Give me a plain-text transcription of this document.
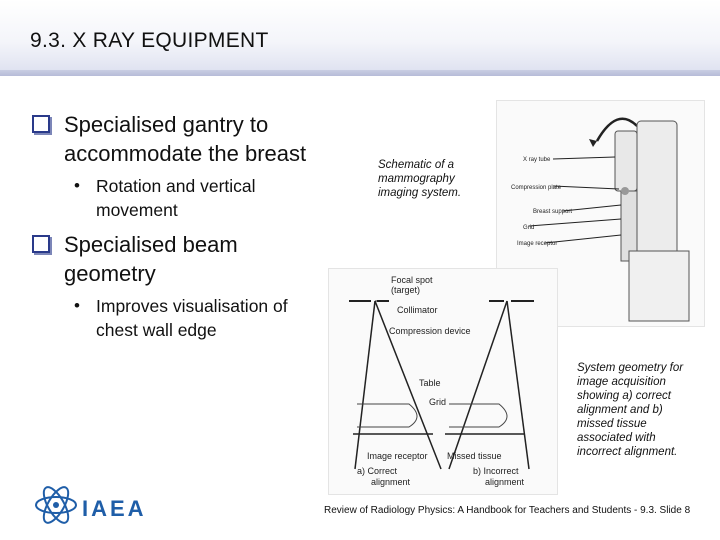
9.3. X RAY EQUIPMENT
Specialised gantry to accommodate the breast
• Rotation and vertical movement
Specialised beam geometry
• Improves visualisation of chest wall edge
Schematic of a mammography imaging system.
X ray tube
Compression plate
Breast support
Grid
Image receptor
Focal spot
(target)
Collimator
Compression device
Table
Grid
Image receptor Missed tissue
a) Correct
alignment
b) Incorrect
alignment
System geometry for image acquisition showing a) correct alignment and b) missed tissue associated with incorrect alignment.
IAEA	Review of Radiology Physics: A Handbook for Teachers and Students - 9.3. Slide 8
